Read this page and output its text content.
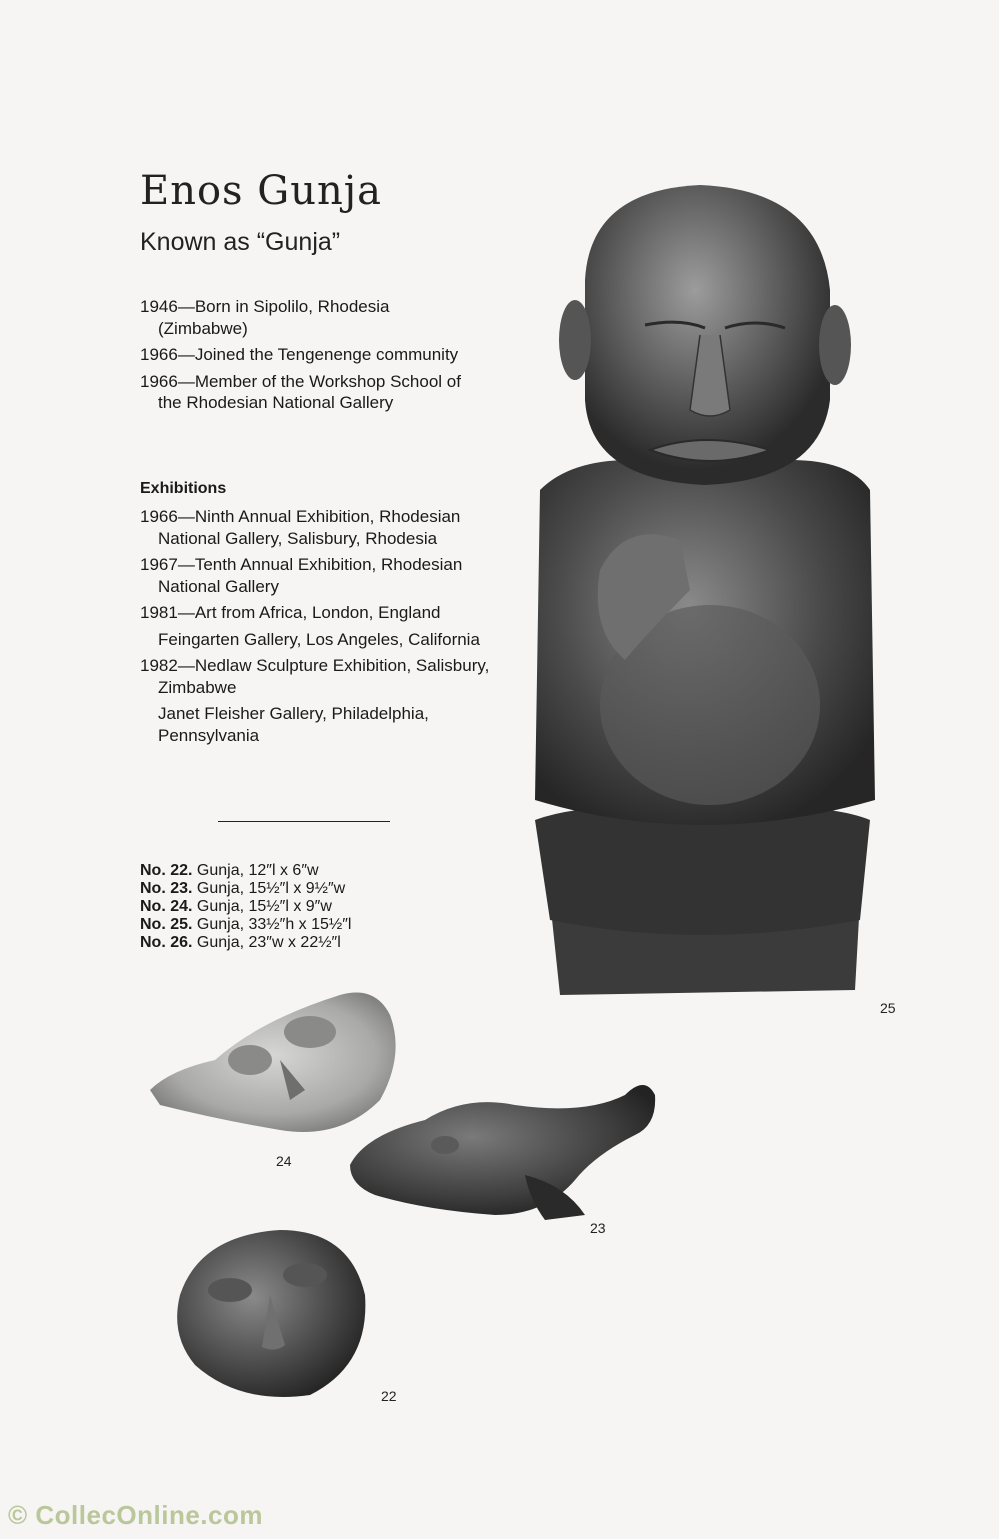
Enos Gunja
Known as “Gunja”

1946—Born in Sipolilo, Rhodesia (Zimbabwe)

1966—Joined the Tengenenge community

1966—Member of the Workshop School of the Rhodesian National Gallery

Exhibitions

1966—Ninth Annual Exhibition, Rhodesian National Gallery, Salisbury, Rhodesia

1967—Tenth Annual Exhibition, Rhodesian National Gallery

1981—Art from Africa, London, England

Feingarten Gallery, Los Angeles, California

1982—Nedlaw Sculpture Exhibition, Salisbury, Zimbabwe

Janet Fleisher Gallery, Philadelphia, Pennsylvania

No. 22. Gunja, 12″l x 6″w
No. 23. Gunja, 15½″l x 9½″w
No. 24. Gunja, 15½″l x 9″w
No. 25. Gunja, 33½″h x 15½″l
No. 26. Gunja, 23″w x 22½″l
25
24
23
22
© ColleсOnline.com
